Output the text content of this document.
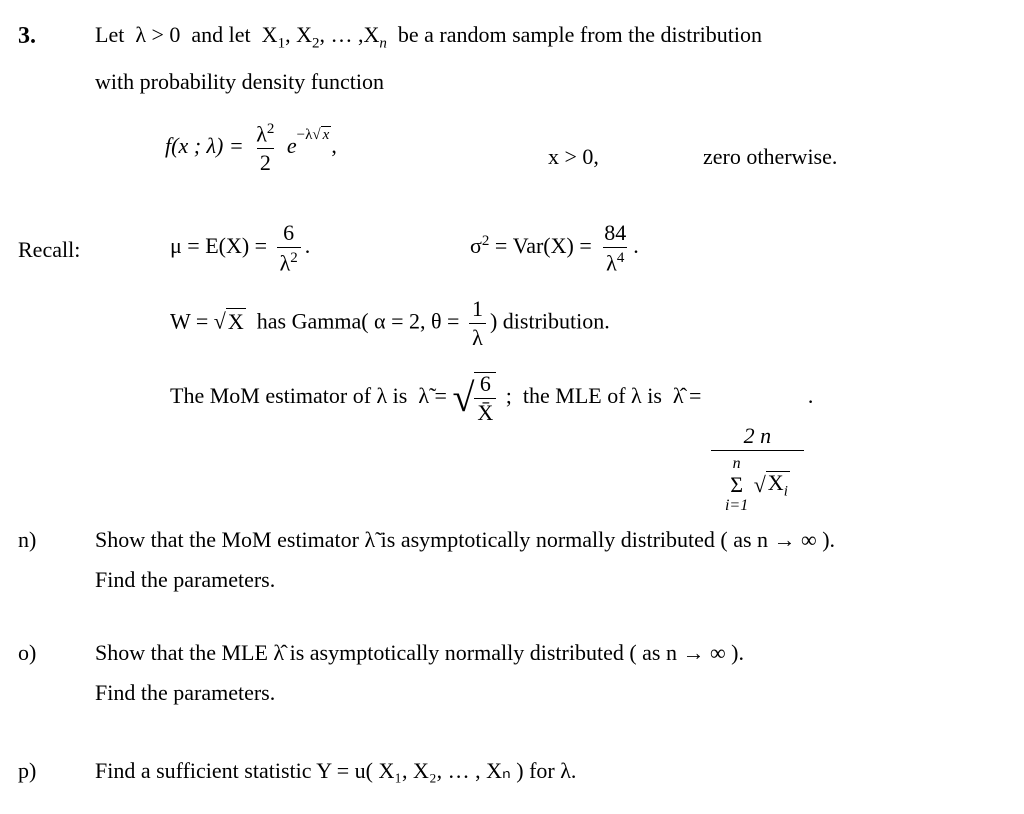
3.	Let λ > 0 and let $X_1$, $X_2$, … $,X_n$ be a random sample from the distribution
with probability density function
f(x ; $\lambda) = \frac{\lambda^2}{2} e^{-\lambda√ x}$,	x > 0,	zero otherwise.
Recall:	$\mu = E(X) = \frac{6}{\lambda^2}$ .	$\sigma^2 = Var(X) = \frac{84}{\lambda^4}$ .
W = √X has Gamma( α = 2, $\theta = \frac{1}{\lambda}$ ) distribution.
The MoM estimator of λ is λ̃ = √ $\frac{6}{X̄}$ ; the MLE of λ is λ̂ =
2 n
n
Σ
i=1
√ $X_i$
.
n)	Show that the MoM estimator λ̃ is asymptotically normally distributed ( as n → ∞ ).
Find the parameters.
o)	Show that the MLE λ̂ is asymptotically normally distributed ( as n → ∞ ).
Find the parameters.
p)	Find a sufficient statistic Y = u( X₁, X₂, … , Xₙ ) for λ.
